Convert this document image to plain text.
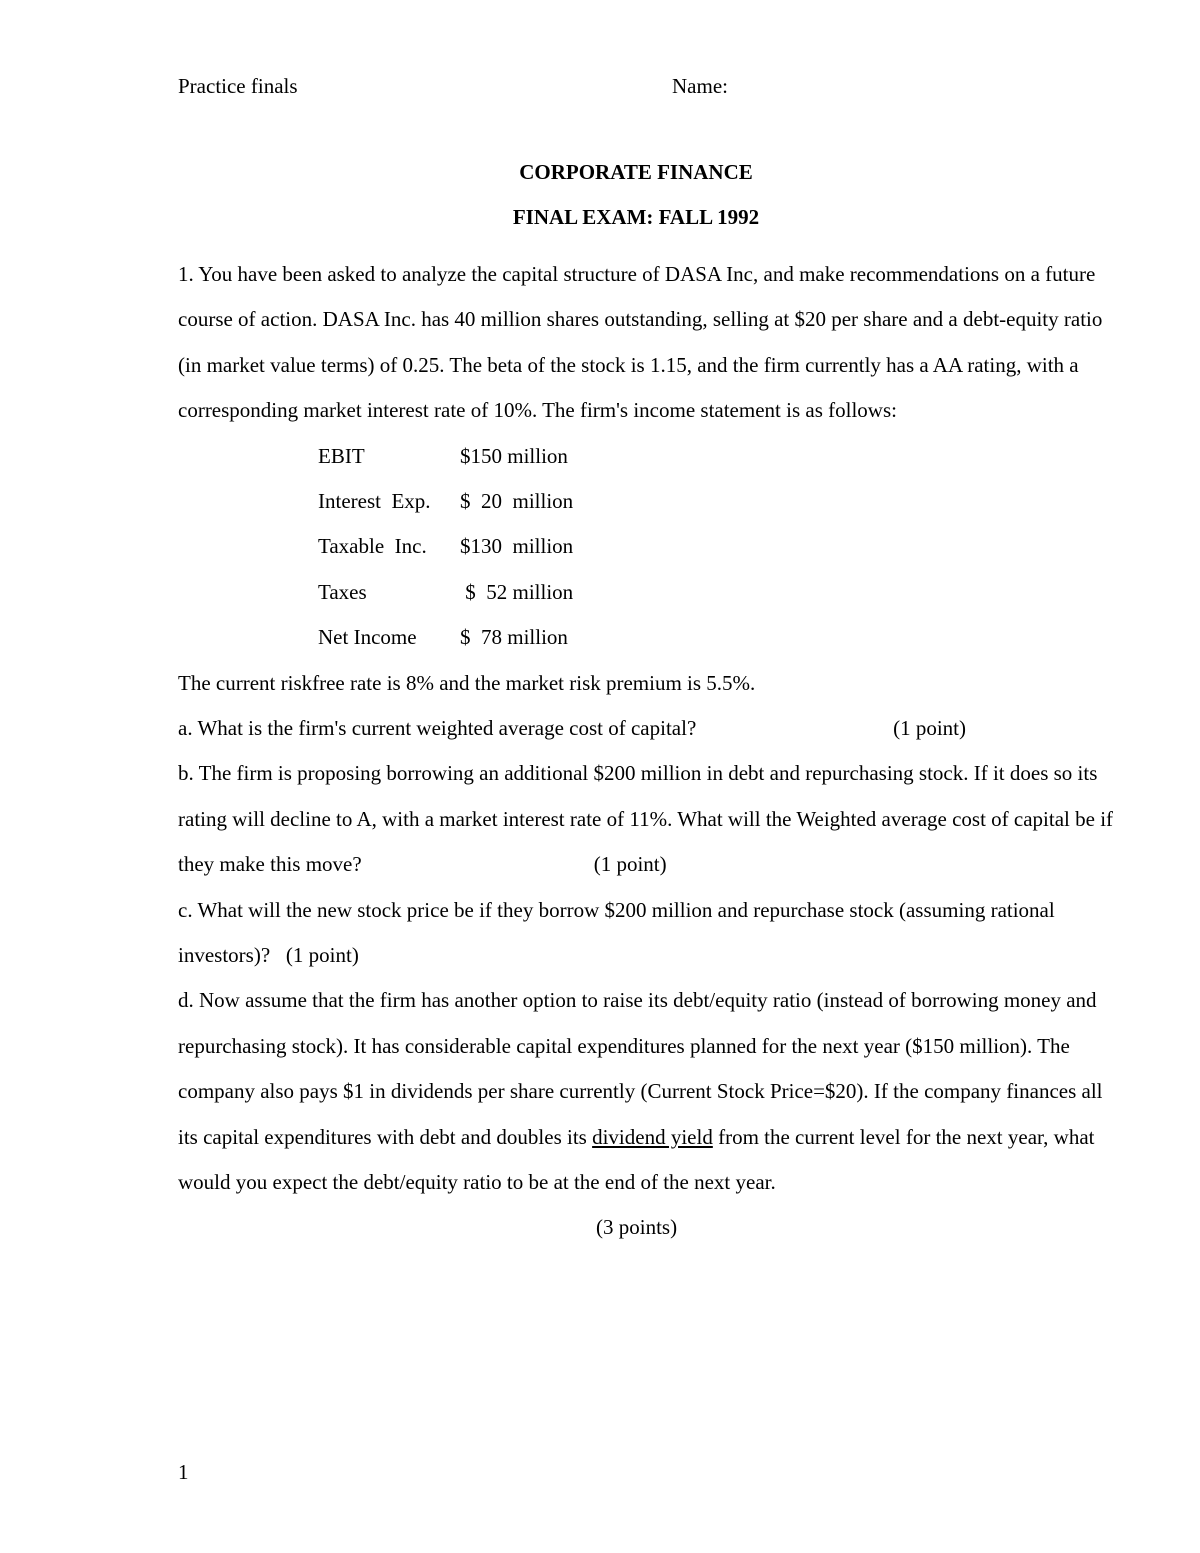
Practice finals	Name:
CORPORATE FINANCE
FINAL EXAM: FALL 1992

1. You have been asked to analyze the capital structure of DASA Inc, and make recommendations on a future course of action. DASA Inc. has 40 million shares outstanding, selling at $20 per share and a debt-equity ratio (in market value terms) of 0.25. The beta of the stock is 1.15, and the firm currently has a AA rating, with a corresponding market interest rate of 10%. The firm's income statement is as follows:

EBIT	$150 million
Interest  Exp.	$  20  million
Taxable  Inc.	$130  million
Taxes	$  52 million
Net Income	$  78 million

The current riskfree rate is 8% and the market risk premium is 5.5%.

a. What is the firm's current weighted average cost of capital?	(1 point)

b. The firm is proposing borrowing an additional $200 million in debt and repurchasing stock. If it does so its rating will decline to A, with a market interest rate of 11%. What will the Weighted average cost of capital be if they make this move?	(1 point)

c. What will the new stock price be if they borrow $200 million and repurchase stock (assuming rational investors)? (1 point)

d. Now assume that the firm has another option to raise its debt/equity ratio (instead of borrowing money and repurchasing stock). It has considerable capital expenditures planned for the next year ($150 million). The company also pays $1 in dividends per share currently (Current Stock Price=$20). If the company finances all its capital expenditures with debt and doubles its dividend yield from the current level for the next year, what would you expect the debt/equity ratio to be at the end of the next year.(3 points)

1
